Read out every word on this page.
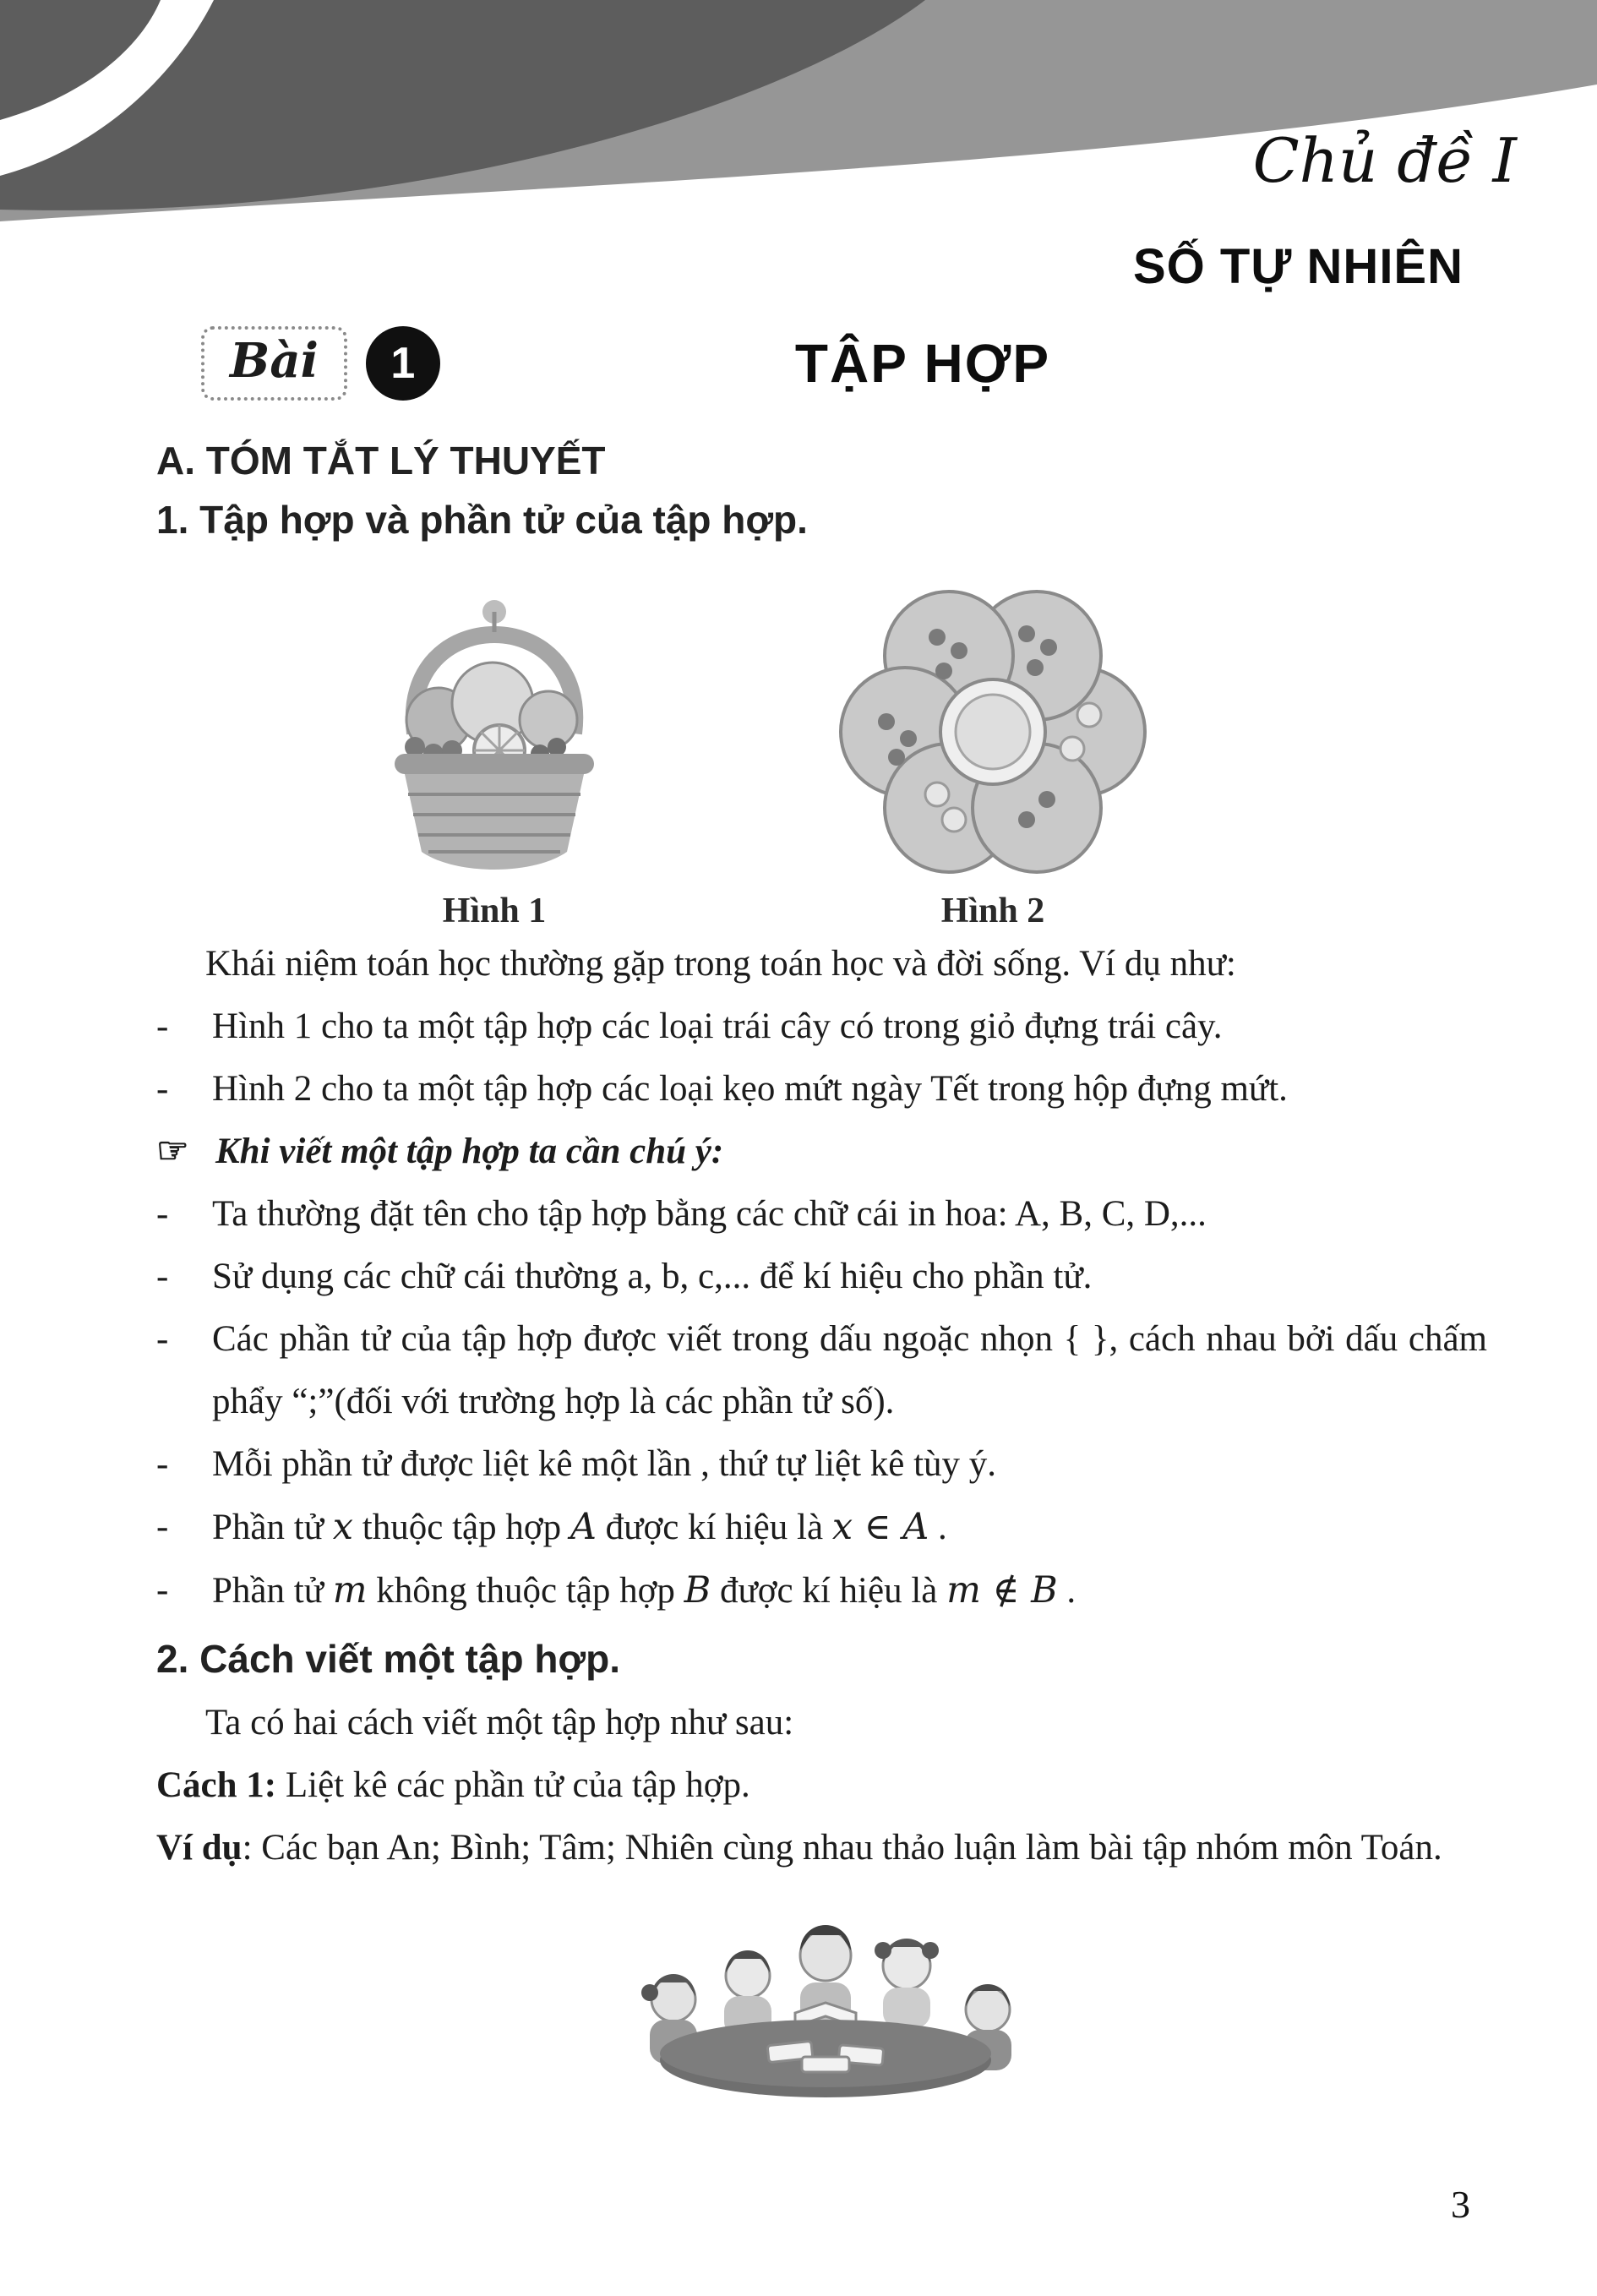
Chủ đề I
SỐ TỰ NHIÊN
Bài	1	TẬP HỢP
A. TÓM TẮT LÝ THUYẾT
1. Tập hợp và phần tử của tập hợp.
Hình 1	Hình 2

Khái niệm toán học thường gặp trong toán học và đời sống. Ví dụ như:

-	Hình 1 cho ta một tập hợp các loại trái cây có trong giỏ đựng trái cây.
-	Hình 2 cho ta một tập hợp các loại kẹo mứt ngày Tết trong hộp đựng mứt.
☞ Khi viết một tập hợp ta cần chú ý:
-	Ta thường đặt tên cho tập hợp bằng các chữ cái in hoa: A, B, C, D,...
-	Sử dụng các chữ cái thường a, b, c,... để kí hiệu cho phần tử.
-	Các phần tử của tập hợp được viết trong dấu ngoặc nhọn { }, cách nhau bởi dấu chấm phẩy “;”(đối với trường hợp là các phần tử số).
-	Mỗi phần tử được liệt kê một lần , thứ tự liệt kê tùy ý.
-	Phần tử x thuộc tập hợp A được kí hiệu là x ∈ A .
-	Phần tử m không thuộc tập hợp B được kí hiệu là m ∉ B .
2. Cách viết một tập hợp.

Ta có hai cách viết một tập hợp như sau:

Cách 1: Liệt kê các phần tử của tập hợp.

Ví dụ: Các bạn An; Bình; Tâm; Nhiên cùng nhau thảo luận làm bài tập nhóm môn Toán.

3
